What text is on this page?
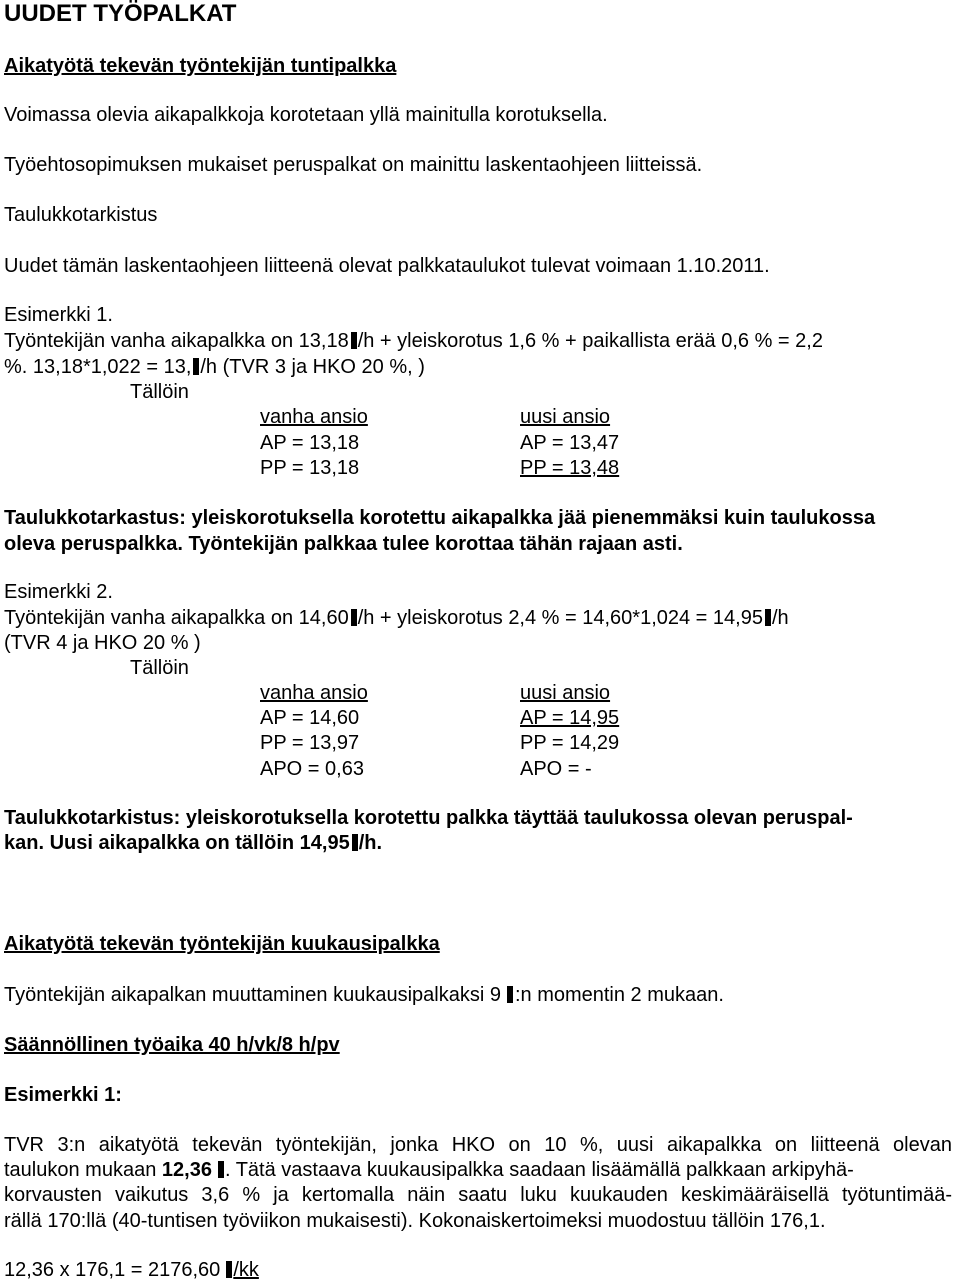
UUDET TYÖPALKAT
Aikatyötä tekevän työntekijän tuntipalkka
Voimassa olevia aikapalkkoja korotetaan yllä mainitulla korotuksella.
Työehtosopimuksen mukaiset peruspalkat on mainittu laskentaohjeen liitteissä.
Taulukkotarkistus
Uudet tämän laskentaohjeen liitteenä olevat palkkataulukot tulevat voimaan 1.10.2011.
Esimerkki 1.
Työntekijän vanha aikapalkka on 13,18 /h + yleiskorotus 1,6 % + paikallista erää 0,6 % = 2,2
%. 13,18*1,022 = 13, /h (TVR 3 ja HKO 20 %, )
Tällöin
vanha ansio	uusi ansio
AP = 13,18	AP = 13,47
PP = 13,18	PP = 13,48
Taulukkotarkastus: yleiskorotuksella korotettu aikapalkka jää pienemmäksi kuin taulukossa
oleva peruspalkka. Työntekijän palkkaa tulee korottaa tähän rajaan asti.
Esimerkki 2.
Työntekijän vanha aikapalkka on 14,60 /h + yleiskorotus 2,4 % = 14,60*1,024 = 14,95 /h
(TVR 4 ja HKO 20 % )
Tällöin
vanha ansio	uusi ansio
AP = 14,60	AP = 14,95
PP = 13,97	PP = 14,29
APO = 0,63	APO = -
Taulukkotarkistus: yleiskorotuksella korotettu palkka täyttää taulukossa olevan peruspal-
kan. Uusi aikapalkka on tällöin 14,95 /h.
Aikatyötä tekevän työntekijän kuukausipalkka
Työntekijän aikapalkan muuttaminen kuukausipalkaksi 9 :n momentin 2 mukaan.
Säännöllinen työaika 40 h/vk/8 h/pv
Esimerkki 1:
TVR 3:n aikatyötä tekevän työntekijän, jonka HKO on 10 %, uusi aikapalkka on liitteenä olevan
taulukon mukaan 12,36 . Tätä vastaava kuukausipalkka saadaan lisäämällä palkkaan arkipyhä-
korvausten vaikutus 3,6 % ja kertomalla näin saatu luku kuukauden keskimääräisellä työtuntimää-
rällä 170:llä (40-tuntisen työviikon mukaisesti). Kokonaiskertoimeksi muodostuu tällöin 176,1.
12,36 x 176,1 = 2176,60 /kk
